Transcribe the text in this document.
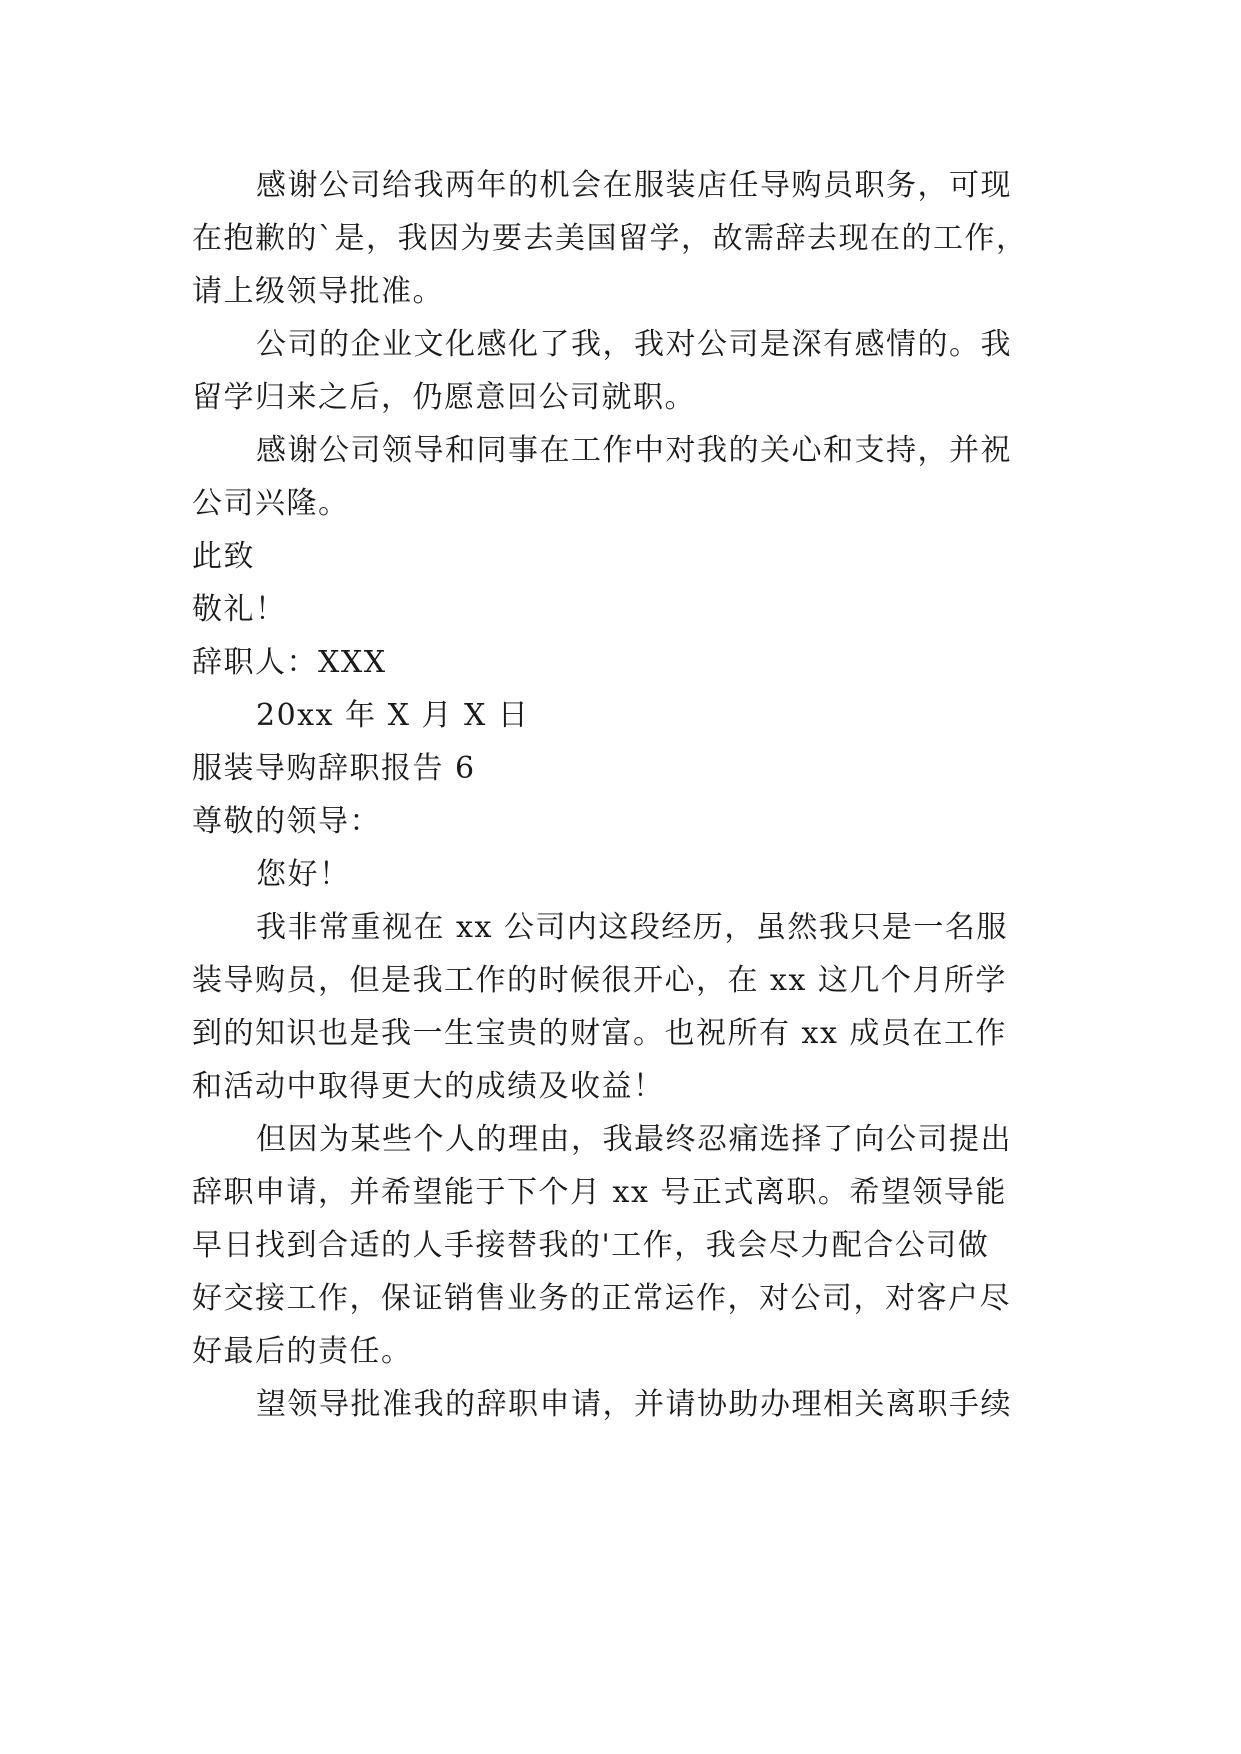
感谢公司给我两年的机会在服装店任导购员职务，可现
在抱歉的`是，我因为要去美国留学，故需辞去现在的工作，
请上级领导批准。
公司的企业文化感化了我，我对公司是深有感情的。我
留学归来之后，仍愿意回公司就职。
感谢公司领导和同事在工作中对我的关心和支持，并祝
公司兴隆。
此致
敬礼！
辞职人：XXX
20xx 年 X 月 X 日
服装导购辞职报告 6
尊敬的领导：
您好！
我非常重视在 xx 公司内这段经历，虽然我只是一名服
装导购员，但是我工作的时候很开心，在 xx 这几个月所学
到的知识也是我一生宝贵的财富。也祝所有 xx 成员在工作
和活动中取得更大的成绩及收益！
但因为某些个人的理由，我最终忍痛选择了向公司提出
辞职申请，并希望能于下个月 xx 号正式离职。希望领导能
早日找到合适的人手接替我的'工作，我会尽力配合公司做
好交接工作，保证销售业务的正常运作，对公司，对客户尽
好最后的责任。
望领导批准我的辞职申请，并请协助办理相关离职手续
